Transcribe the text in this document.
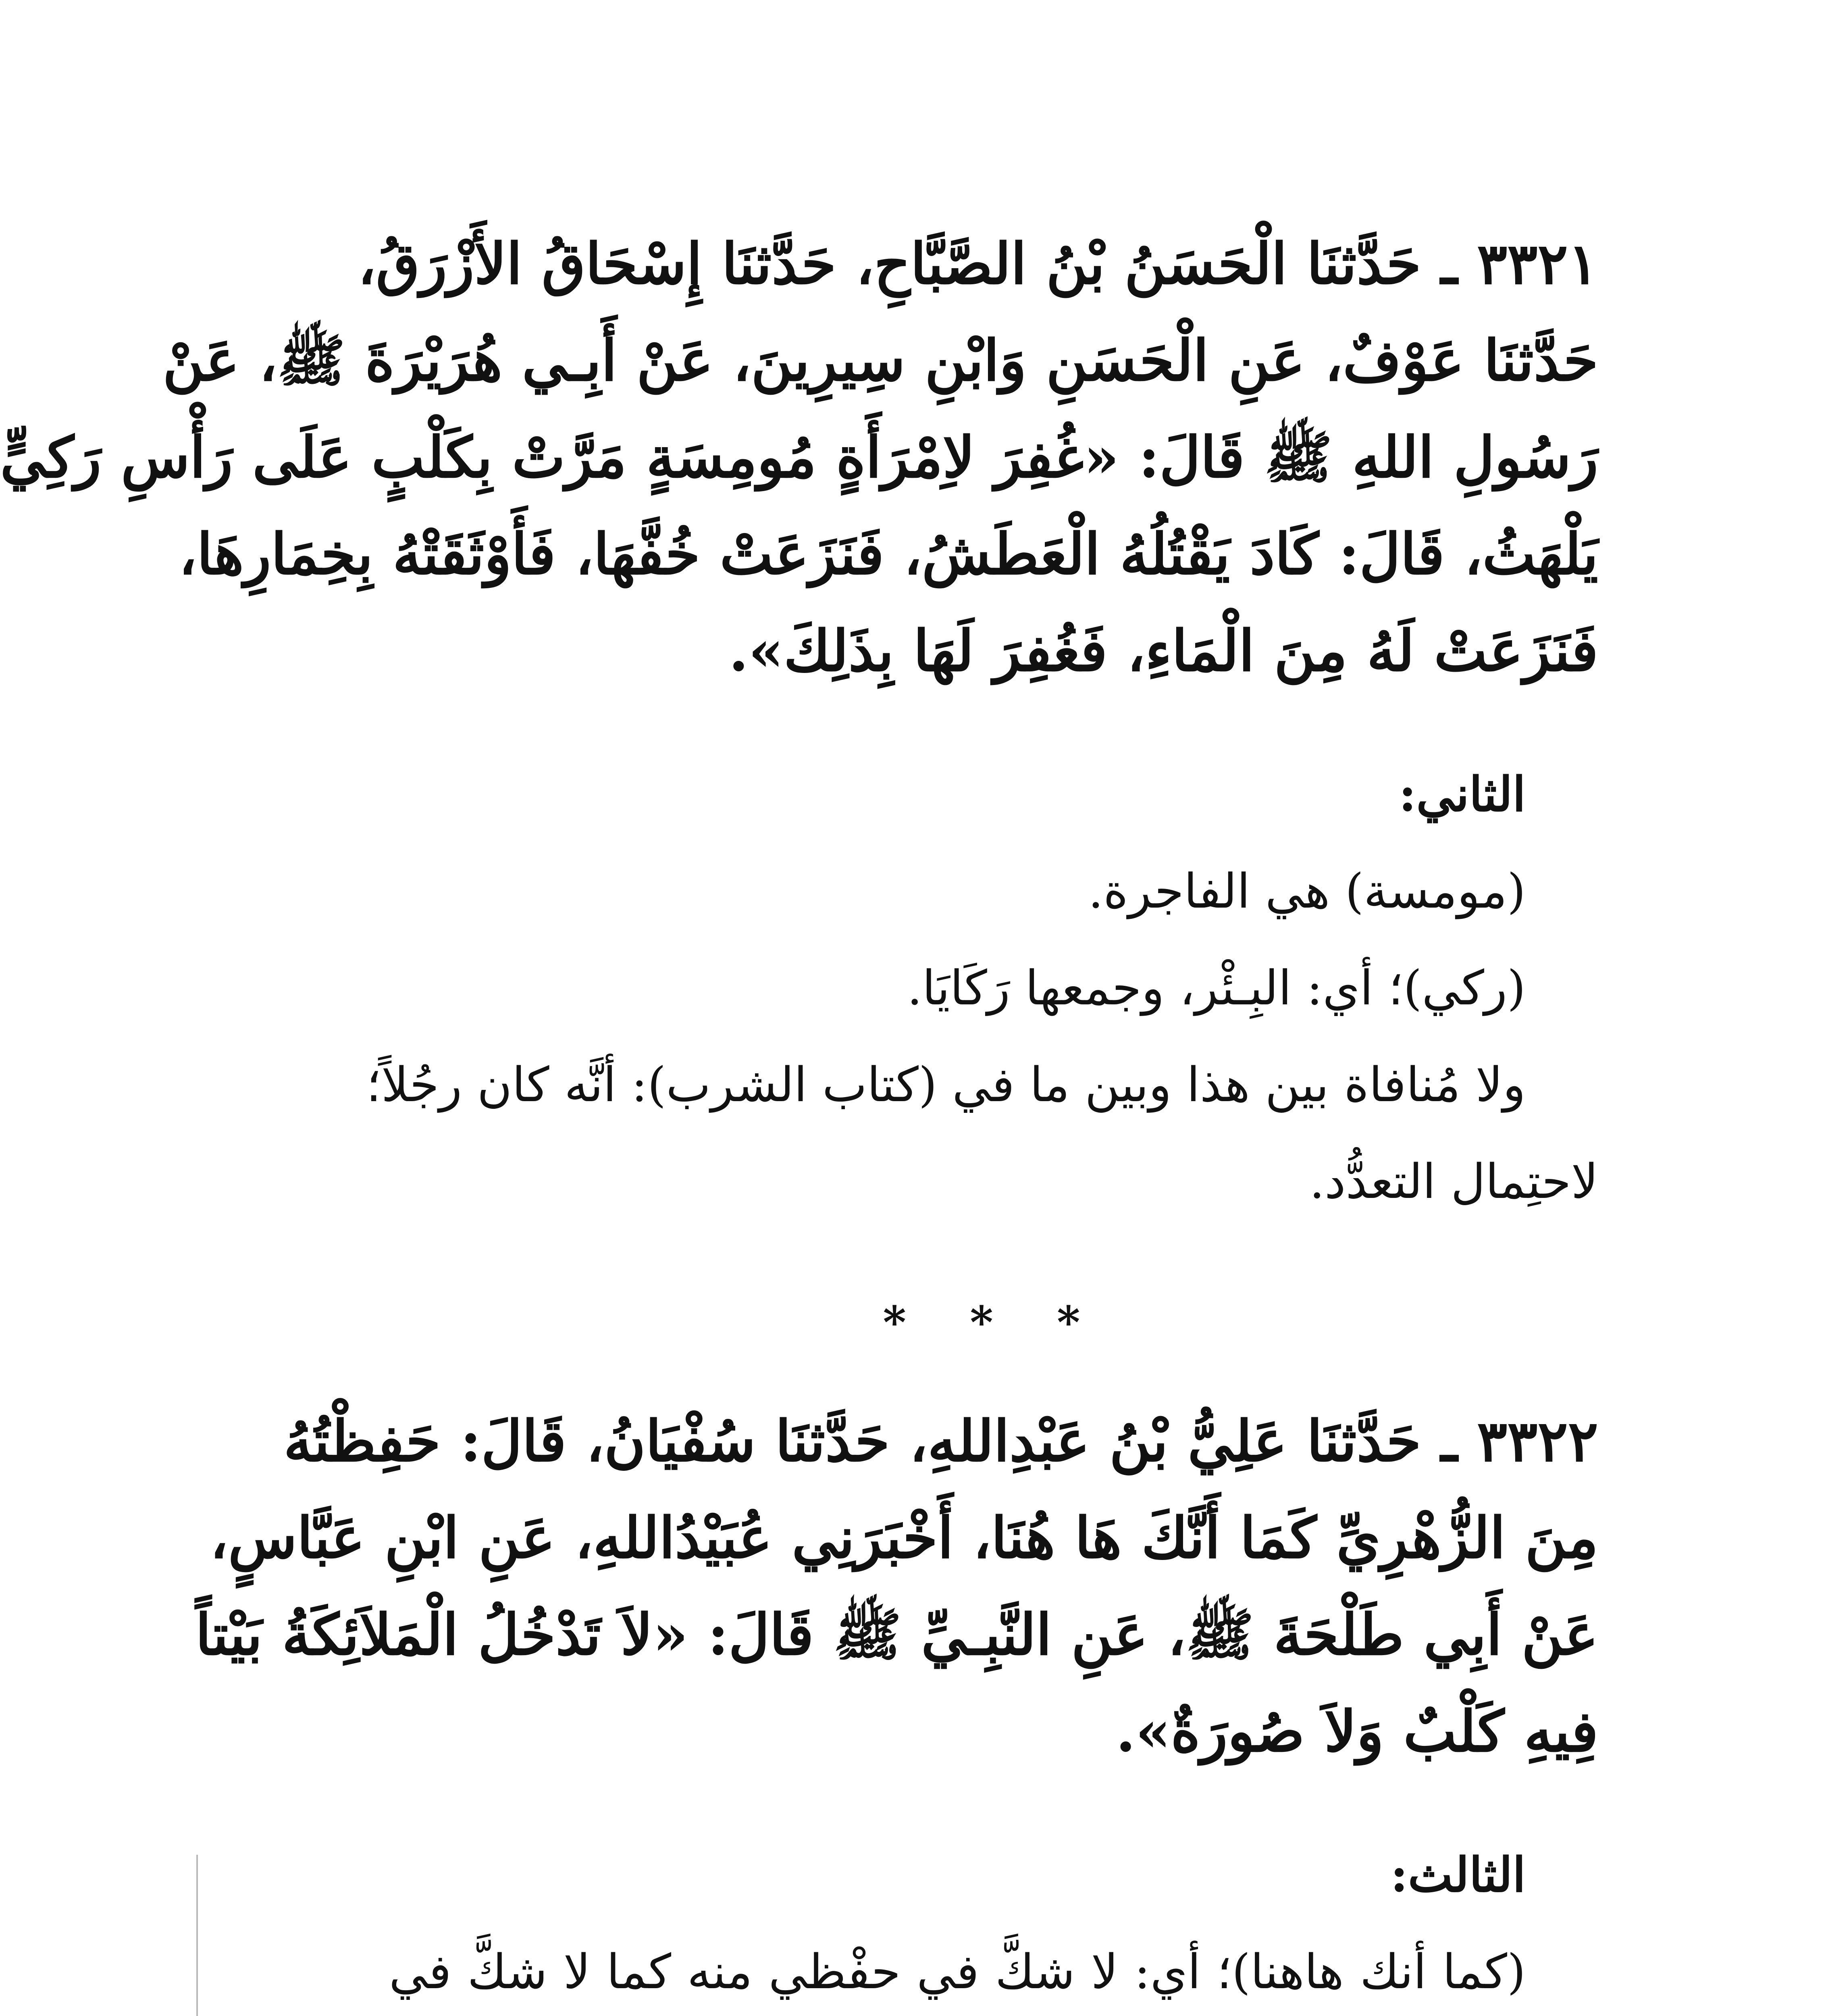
٣٣٢١ ـ حَدَّثنَا الْحَسَنُ بْنُ الصَّبَّاحِ، حَدَّثنَا إِسْحَاقُ الأَزْرَقُ،
حَدَّثنَا عَوْفٌ، عَنِ الْحَسَنِ وَابْنِ سِيرِينَ، عَنْ أَبِـي هُرَيْرَةَ ﷺ، عَنْ
رَسُولِ اللهِ ﷺ قَالَ: «غُفِرَ لاِمْرَأَةٍ مُومِسَةٍ مَرَّتْ بِكَلْبٍ عَلَى رَأْسِ رَكِيٍّ
يَلْهَثُ، قَالَ: كَادَ يَقْتُلُهُ الْعَطَشُ، فَنَزَعَتْ خُفَّهَا، فَأَوْثَقَتْهُ بِخِمَارِهَا،
فَنَزَعَتْ لَهُ مِنَ الْمَاءِ، فَغُفِرَ لَهَا بِذَلِكَ».
الثاني:
(مومسة) هي الفاجرة.
(ركي)؛ أي: البِـئْر، وجمعها رَكَايَا.
ولا مُنافاة بين هذا وبين ما في (كتاب الشرب): أنَّه كان رجُلاً؛
لاحتِمال التعدُّد.
* * *
٣٣٢٢ ـ حَدَّثنَا عَلِيُّ بْنُ عَبْدِاللهِ، حَدَّثنَا سُفْيَانُ، قَالَ: حَفِظْتُهُ
مِنَ الزُّهْرِيِّ كَمَا أَنَّكَ هَا هُنَا، أَخْبَرَنِي عُبَيْدُاللهِ، عَنِ ابْنِ عَبَّاسٍ،
عَنْ أَبِي طَلْحَةَ ﷺ، عَنِ النَّبِـيِّ ﷺ قَالَ: «لاَ تَدْخُلُ الْمَلاَئِكَةُ بَيْتاً
فِيهِ كَلْبٌ وَلاَ صُورَةٌ».
الثالث:
(كما أنك هاهنا)؛ أي: لا شكَّ في حفْظي منه كما لا شكَّ في
